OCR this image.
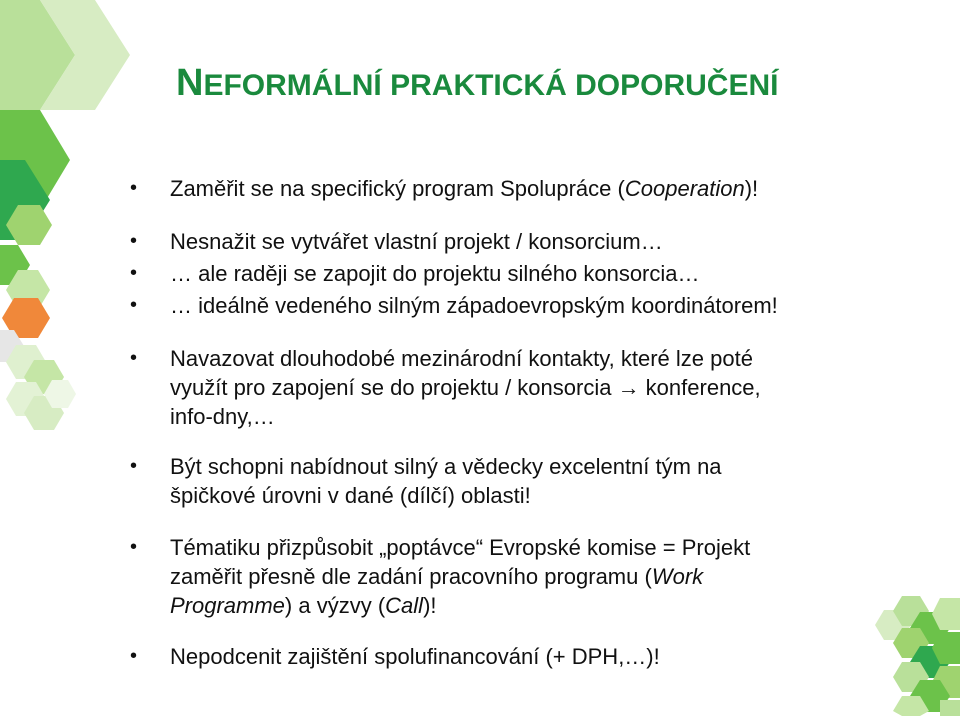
NEFORMÁLNÍ PRAKTICKÁ DOPORUČENÍ
• Zaměřit se na specifický program Spolupráce (Cooperation)!
• Nesnažit se vytvářet vlastní projekt / konsorcium…
• … ale raději se zapojit do projektu silného konsorcia…
• … ideálně vedeného silným západoevropským koordinátorem!
• Navazovat dlouhodobé mezinárodní kontakty, které lze poté
využít pro zapojení se do projektu / konsorcia → konference,
info-dny,…
• Být schopni nabídnout silný a vědecky excelentní tým na
špičkové úrovni v dané (dílčí) oblasti!
• Tématiku přizpůsobit „poptávce“ Evropské komise = Projekt
zaměřit přesně dle zadání pracovního programu (Work
Programme) a výzvy (Call)!
• Nepodcenit zajištění spolufinancování (+ DPH,…)!
